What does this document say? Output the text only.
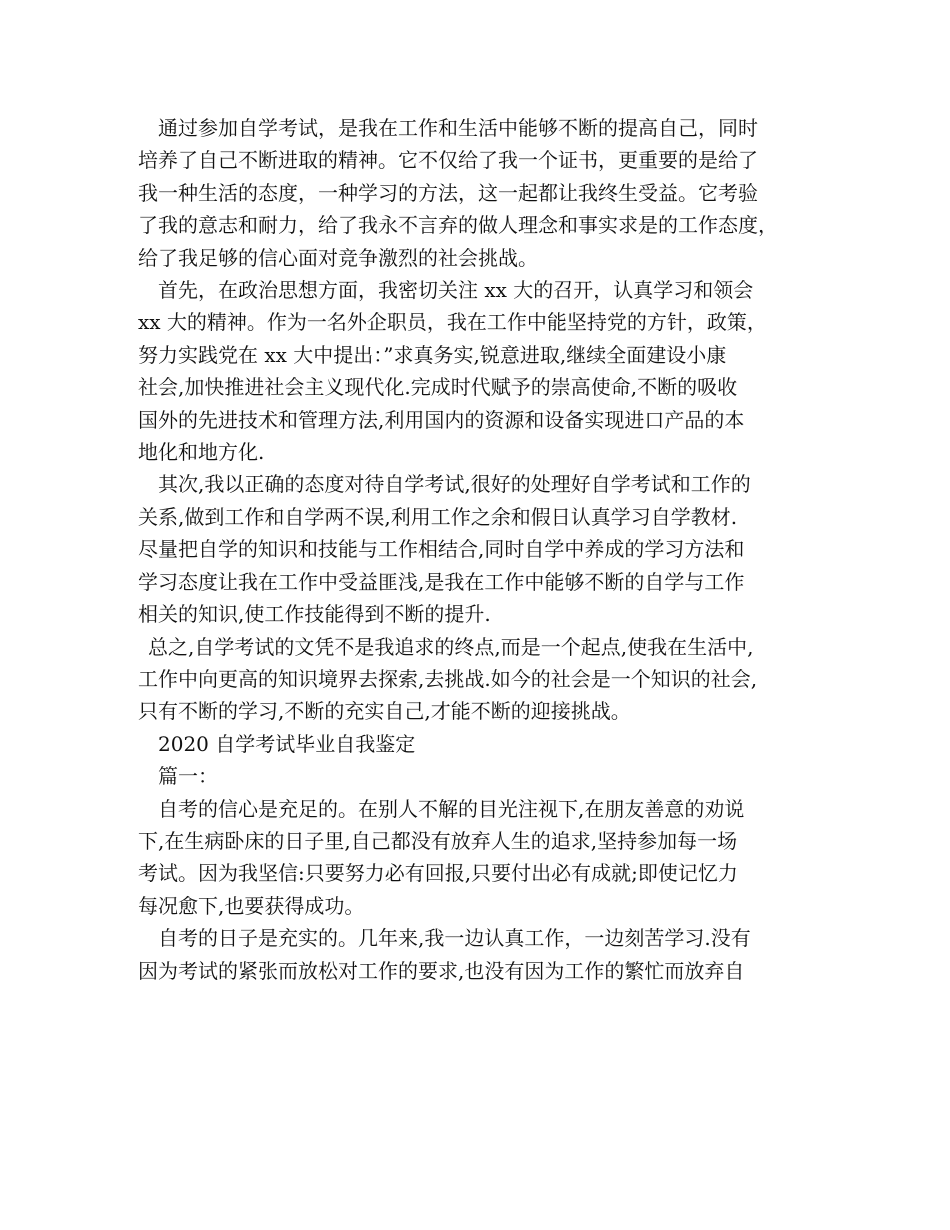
通过参加自学考试，是我在工作和生活中能够不断的提高自己，同时
培养了自己不断进取的精神。它不仅给了我一个证书，更重要的是给了
我一种生活的态度，一种学习的方法，这一起都让我终生受益。它考验
了我的意志和耐力，给了我永不言弃的做人理念和事实求是的工作态度，
给了我足够的信心面对竞争激烈的社会挑战。
首先，在政治思想方面，我密切关注 xx 大的召开，认真学习和领会
xx 大的精神。作为一名外企职员，我在工作中能坚持党的方针，政策，
努力实践党在 xx 大中提出：”求真务实,锐意进取,继续全面建设小康
社会,加快推进社会主义现代化.完成时代赋予的崇高使命,不断的吸收
国外的先进技术和管理方法,利用国内的资源和设备实现进口产品的本
地化和地方化.
其次,我以正确的态度对待自学考试,很好的处理好自学考试和工作的
关系,做到工作和自学两不误,利用工作之余和假日认真学习自学教材.
尽量把自学的知识和技能与工作相结合,同时自学中养成的学习方法和
学习态度让我在工作中受益匪浅,是我在工作中能够不断的自学与工作
相关的知识,使工作技能得到不断的提升.
总之,自学考试的文凭不是我追求的终点,而是一个起点,使我在生活中,
工作中向更高的知识境界去探索,去挑战.如今的社会是一个知识的社会,
只有不断的学习,不断的充实自己,才能不断的迎接挑战。
2020 自学考试毕业自我鉴定
篇一：
自考的信心是充足的。在别人不解的目光注视下,在朋友善意的劝说
下,在生病卧床的日子里,自己都没有放弃人生的追求,坚持参加每一场
考试。因为我坚信:只要努力必有回报,只要付出必有成就;即使记忆力
每况愈下,也要获得成功。
自考的日子是充实的。几年来,我一边认真工作，一边刻苦学习.没有
因为考试的紧张而放松对工作的要求,也没有因为工作的繁忙而放弃自
